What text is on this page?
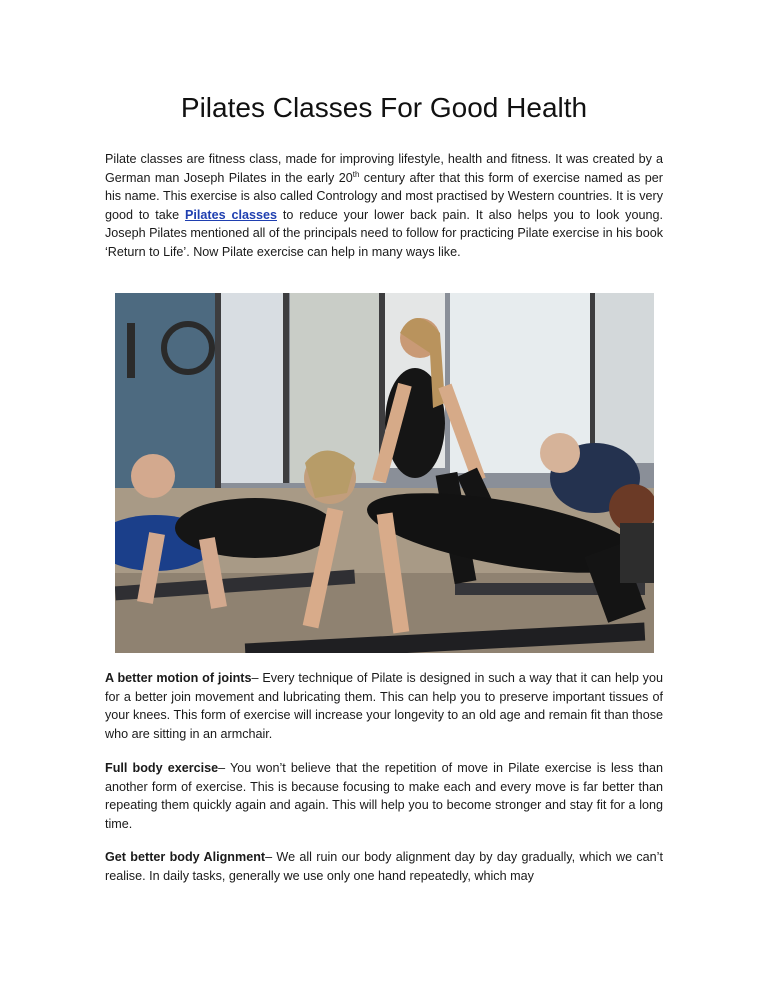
Pilates Classes For Good Health

Pilate classes are fitness class, made for improving lifestyle, health and fitness. It was created by a German man Joseph Pilates in the early 20th century after that this form of exercise named as per his name. This exercise is also called Contrology and most practised by Western countries. It is very good to take Pilates classes to reduce your lower back pain. It also helps you to look young. Joseph Pilates mentioned all of the principals need to follow for practicing Pilate exercise in his book ‘Return to Life’. Now Pilate exercise can help in many ways like.

A better motion of joints– Every technique of Pilate is designed in such a way that it can help you for a better join movement and lubricating them. This can help you to preserve important tissues of your knees. This form of exercise will increase your longevity to an old age and remain fit than those who are sitting in an armchair.

Full body exercise– You won’t believe that the repetition of move in Pilate exercise is less than another form of exercise. This is because focusing to make each and every move is far better than repeating them quickly again and again. This will help you to become stronger and stay fit for a long time.

Get better body Alignment– We all ruin our body alignment day by day gradually, which we can’t realise. In daily tasks, generally we use only one hand repeatedly, which may
